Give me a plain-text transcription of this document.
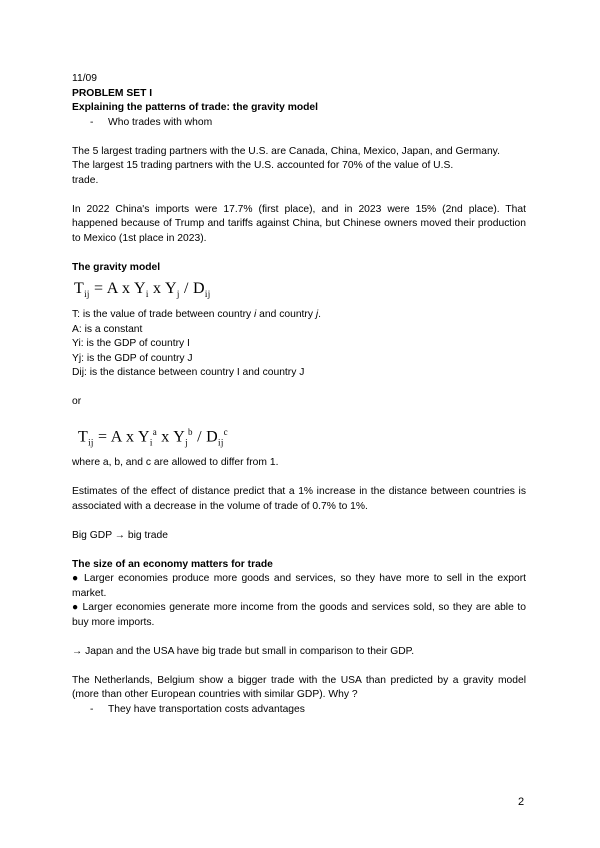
11/09

PROBLEM SET I

Explaining the patterns of trade: the gravity model

- Who trades with whom

The 5 largest trading partners with the U.S. are Canada, China, Mexico, Japan, and Germany.

The largest 15 trading partners with the U.S. accounted for 70% of the value of U.S.

trade.

In 2022 China's imports were 17.7% (first place), and in 2023 were 15% (2nd place). That happened because of Trump and tariffs against China, but Chinese owners moved their production to Mexico (1st place in 2023).

The gravity model

$T_{ij} = A$ x $Y_i$ x $Y_j / D_{ij}$

T: is the value of trade between country i and country j.

A: is a constant

Yi: is the GDP of country I

Yj: is the GDP of country J

Dij: is the distance between country I and country J

or

$T_{ij} = A$ x $Y_i^a$ x $Y_j^b / D_{ij}^c$

where a, b, and c are allowed to differ from 1.

Estimates of the effect of distance predict that a 1% increase in the distance between countries is associated with a decrease in the volume of trade of 0.7% to 1%.

Big GDP → big trade

The size of an economy matters for trade

● Larger economies produce more goods and services, so they have more to sell in the export market.

● Larger economies generate more income from the goods and services sold, so they are able to buy more imports.

→ Japan and the USA have big trade but small in comparison to their GDP.

The Netherlands, Belgium show a bigger trade with the USA than predicted by a gravity model (more than other European countries with similar GDP). Why ?

- They have transportation costs advantages

2
